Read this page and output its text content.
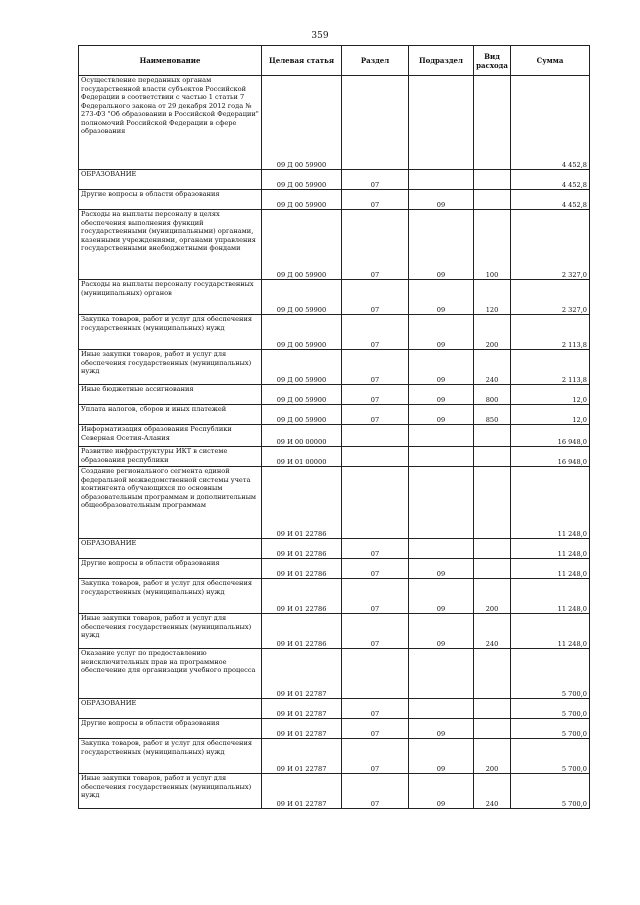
359
Наименование	Целевая статья	Раздел	Подраздел	Вид расхода	Сумма
Осуществление переданных органам государственной власти субъектов Российской Федерации в соответствии с частью 1 статьи 7 Федерального закона от 29 декабря 2012 года № 273-ФЗ "Об образовании в Российской Федерации" полномочий Российской Федерации в сфере образования	09 Д 00 59900				4 452,8
ОБРАЗОВАНИЕ	09 Д 00 59900	07			4 452,8
Другие вопросы в области образования	09 Д 00 59900	07	09		4 452,8
Расходы на выплаты персоналу в целях обеспечения выполнения функций государственными (муниципальными) органами, казенными учреждениями, органами управления государственными внебюджетными фондами	09 Д 00 59900	07	09	100	2 327,0
Расходы на выплаты персоналу государственных (муниципальных) органов	09 Д 00 59900	07	09	120	2 327,0
Закупка товаров, работ и услуг для обеспечения государственных (муниципальных) нужд	09 Д 00 59900	07	09	200	2 113,8
Иные закупки товаров, работ и услуг для обеспечения государственных (муниципальных) нужд	09 Д 00 59900	07	09	240	2 113,8
Иные бюджетные ассигнования	09 Д 00 59900	07	09	800	12,0
Уплата налогов, сборов и иных платежей	09 Д 00 59900	07	09	850	12,0
Информатизация образования Республики Северная Осетия-Алания	09 И 00 00000				16 948,0
Развитие инфраструктуры ИКТ в системе образования республики	09 И 01 00000				16 948,0
Создание регионального сегмента единой федеральной межведомственной системы учета контингента обучающихся по основным образовательным программам и дополнительным общеобразовательным программам	09 И 01 22786				11 248,0
ОБРАЗОВАНИЕ	09 И 01 22786	07			11 248,0
Другие вопросы в области образования	09 И 01 22786	07	09		11 248,0
Закупка товаров, работ и услуг для обеспечения государственных (муниципальных) нужд	09 И 01 22786	07	09	200	11 248,0
Иные закупки товаров, работ и услуг для обеспечения государственных (муниципальных) нужд	09 И 01 22786	07	09	240	11 248,0
Оказание услуг по предоставлению неисключительных прав на программное обеспечение для организации учебного процесса	09 И 01 22787				5 700,0
ОБРАЗОВАНИЕ	09 И 01 22787	07			5 700,0
Другие вопросы в области образования	09 И 01 22787	07	09		5 700,0
Закупка товаров, работ и услуг для обеспечения государственных (муниципальных) нужд	09 И 01 22787	07	09	200	5 700,0
Иные закупки товаров, работ и услуг для обеспечения государственных (муниципальных) нужд	09 И 01 22787	07	09	240	5 700,0
